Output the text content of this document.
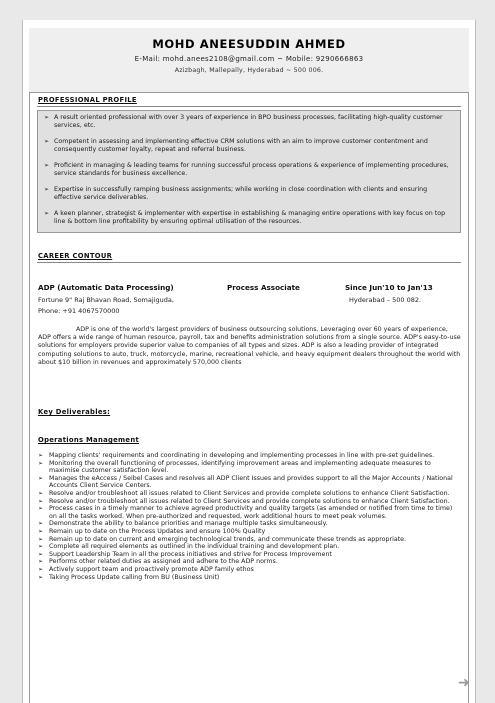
MOHD ANEESUDDIN AHMED
E-Mail: mohd.anees2108@gmail.com ~ Mobile: 9290666863
Azizbagh, Mallepally, Hyderabad ~ 500 006.
PROFESSIONAL PROFILE
➢ A result oriented professional with over 3 years of experience in BPO business processes, facilitating high-quality customer services, etc.
➢ Competent in assessing and implementing effective CRM solutions with an aim to improve customer contentment and consequently customer loyalty, repeat and referral business.
➢ Proficient in managing & leading teams for running successful process operations & experience of implementing procedures, service standards for business excellence.
➢ Expertise in successfully ramping business assignments; while working in close coordination with clients and ensuring effective service deliverables.
➢ A keen planner, strategist & implementer with expertise in establishing & managing entire operations with key focus on top line & bottom line profitability by ensuring optimal utilisation of the resources.
CAREER CONTOUR
ADP (Automatic Data Processing)	Process Associate	Since Jun'10 to Jan'13
Fortune 9" Raj Bhavan Road, Somajiguda,	Hyderabad – 500 082.
Phone: +91 4067570000
ADP is one of the world's largest providers of business outsourcing solutions. Leveraging over 60 years of experience, ADP offers a wide range of human resource, payroll, tax and benefits administration solutions from a single source. ADP's easy-to-use solutions for employers provide superior value to companies of all types and sizes. ADP is also a leading provider of integrated computing solutions to auto, truck, motorcycle, marine, recreational vehicle, and heavy equipment dealers throughout the world with about $10 billion in revenues and approximately 570,000 clients
Key Deliverables:
Operations Management
➢ Mapping clients' requirements and coordinating in developing and implementing processes in line with pre-set guidelines.
➢ Monitoring the overall functioning of processes, identifying improvement areas and implementing adequate measures to maximise customer satisfaction level.
➢ Manages the eAccess / Seibel Cases and resolves all ADP Client Issues and provides support to all the Major Accounts / National Accounts Client Service Centers.
➢ Resolve and/or troubleshoot all issues related to Client Services and provide complete solutions to enhance Client Satisfaction.
➢ Resolve and/or troubleshoot all issues related to Client Services and provide complete solutions to enhance Client Satisfaction.
➢ Process cases in a timely manner to achieve agreed productivity and quality targets (as amended or notified from time to time) on all the tasks worked. When pre-authorized and requested, work additional hours to meet peak volumes.
➢ Demonstrate the ability to balance priorities and manage multiple tasks simultaneously.
➢ Remain up to date on the Process Updates and ensure 100% Quality
➢ Remain up to date on current and emerging technological trends, and communicate these trends as appropriate.
➢ Complete all required elements as outlined in the individual training and development plan.
➢ Support Leadership Team in all the process initiatives and strive for Process Improvement
➢ Performs other related duties as assigned and adhere to the ADP norms.
➢ Actively support team and proactively promote ADP family ethos
➢ Taking Process Update calling from BU (Business Unit)
➜
